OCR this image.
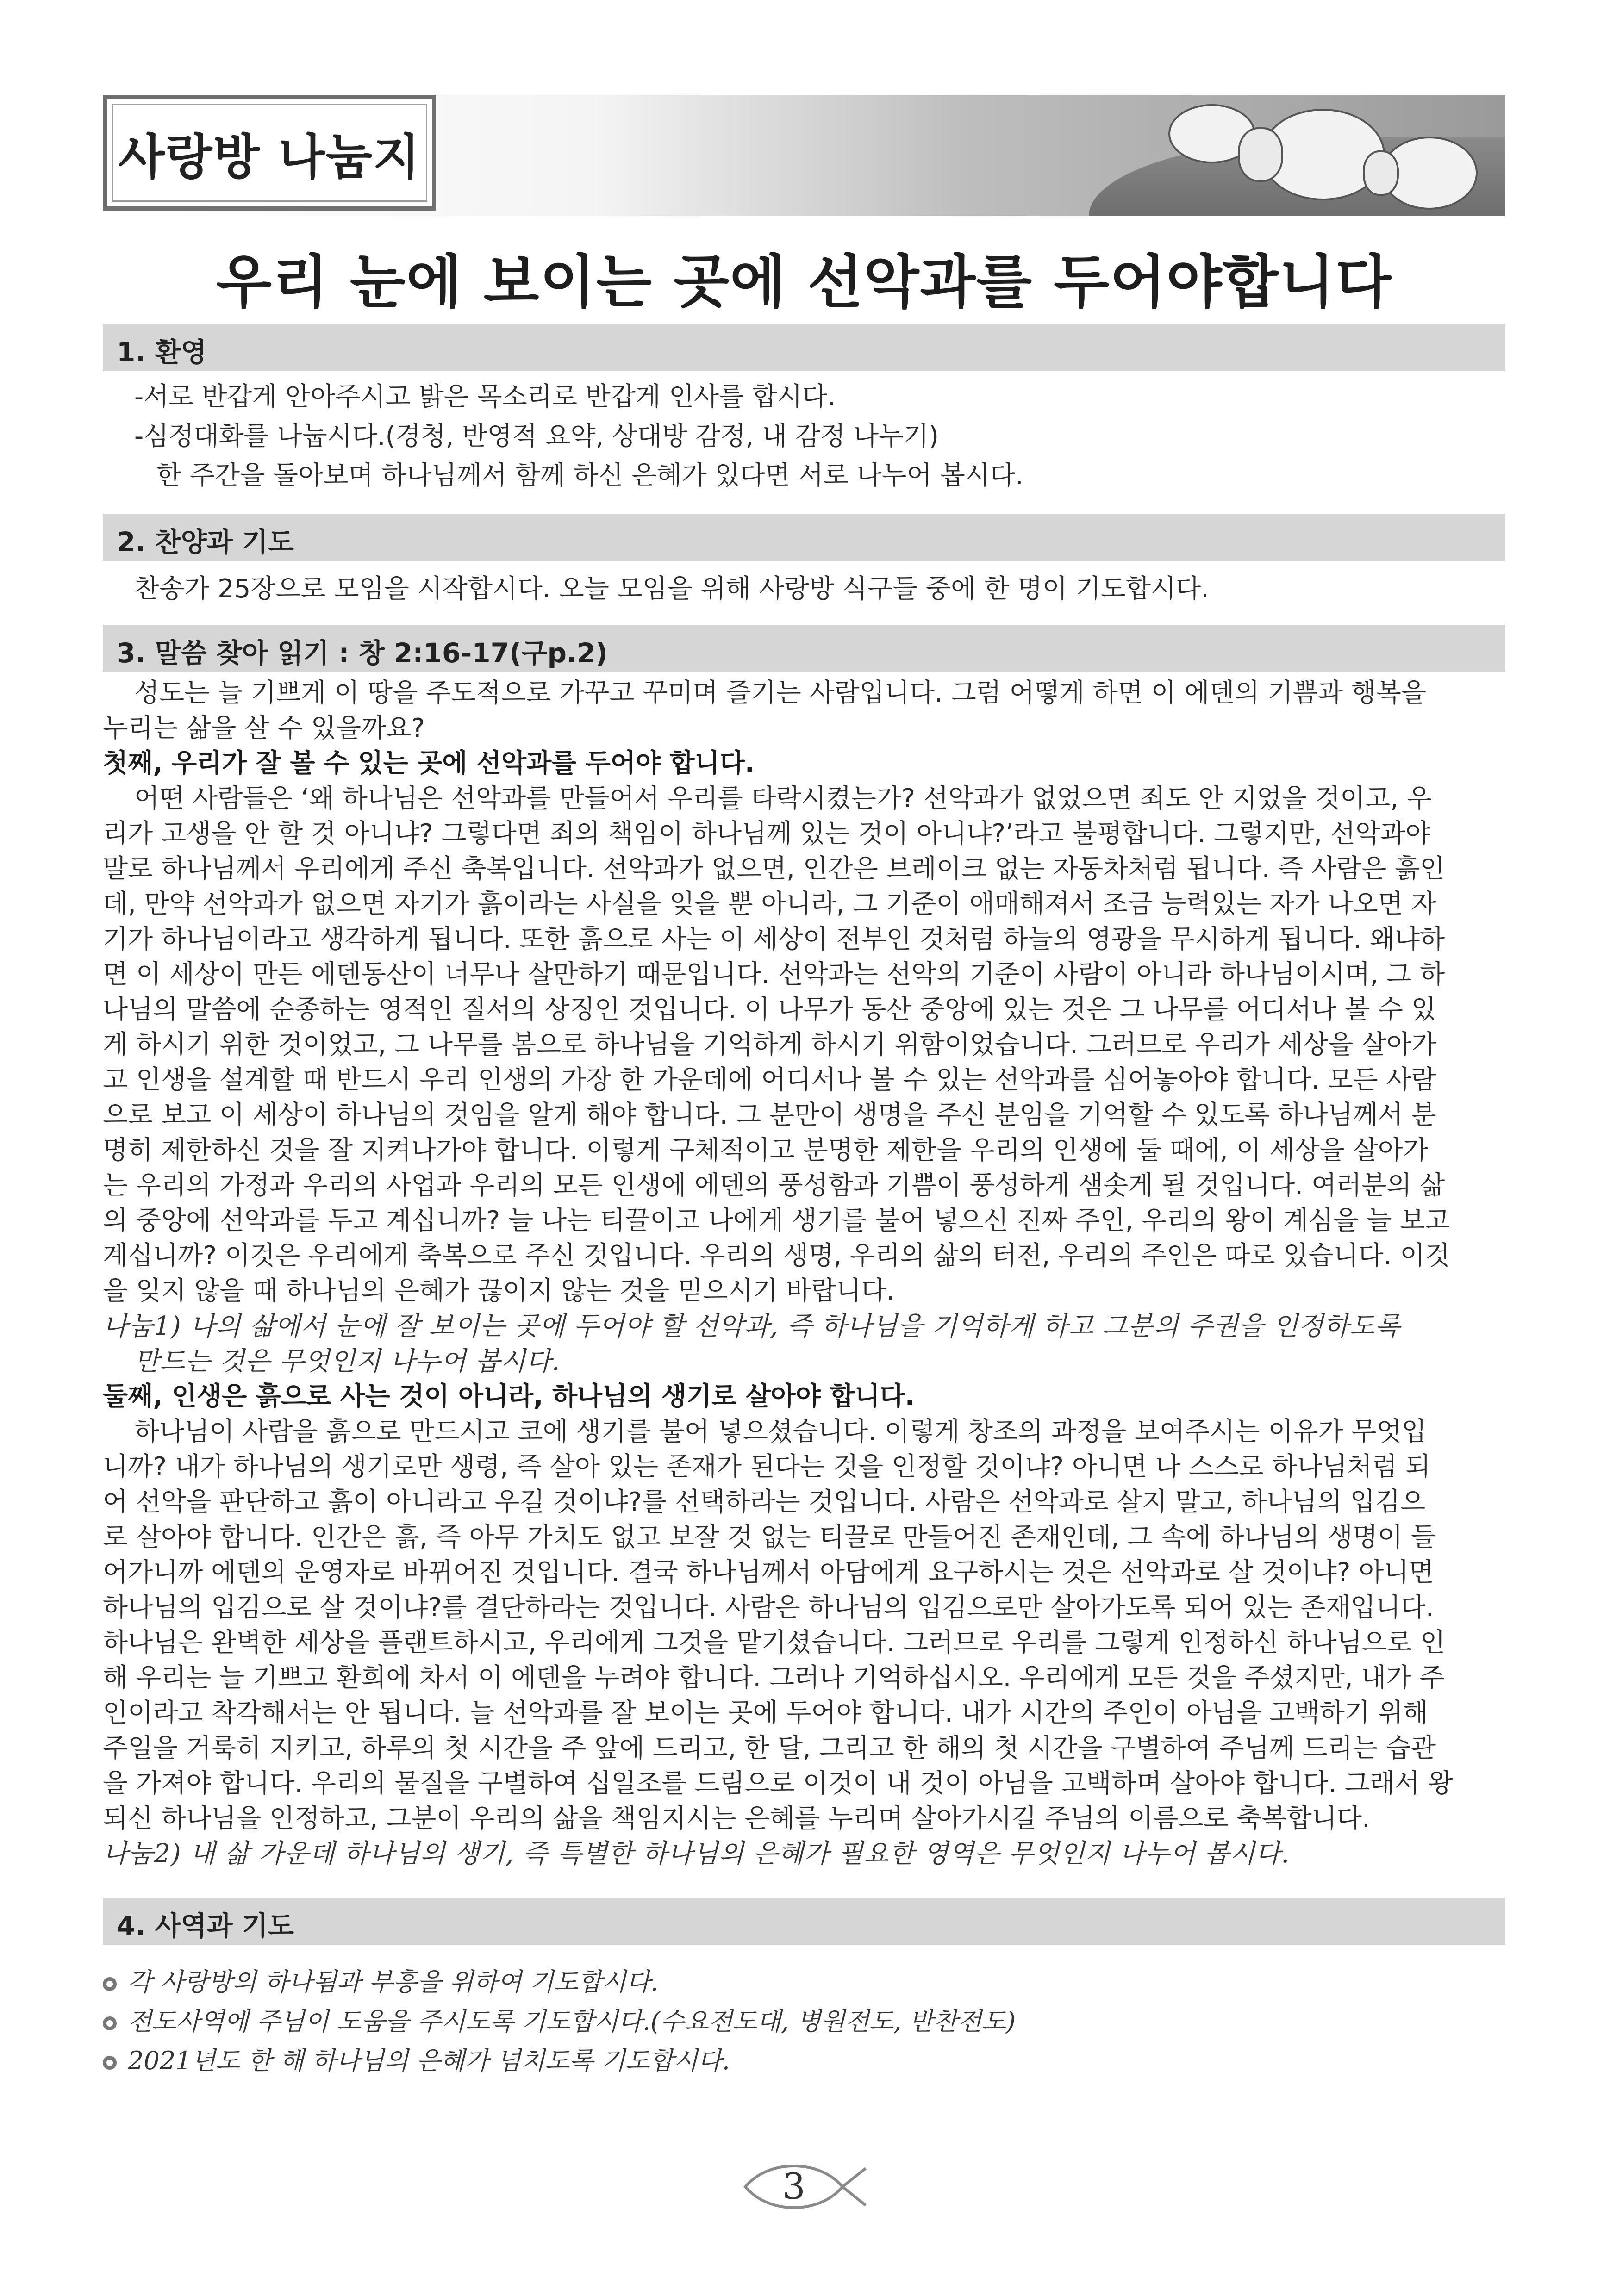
사랑방 나눔지
우리 눈에 보이는 곳에 선악과를 두어야합니다
1. 환영
-서로 반갑게 안아주시고 밝은 목소리로 반갑게 인사를 합시다.
-심정대화를 나눕시다.(경청, 반영적 요약, 상대방 감정, 내 감정 나누기)
한 주간을 돌아보며 하나님께서 함께 하신 은혜가 있다면 서로 나누어 봅시다.
2. 찬양과 기도
찬송가 25장으로 모임을 시작합시다. 오늘 모임을 위해 사랑방 식구들 중에 한 명이 기도합시다.
3. 말씀 찾아 읽기 : 창 2:16-17(구p.2)
성도는 늘 기쁘게 이 땅을 주도적으로 가꾸고 꾸미며 즐기는 사람입니다. 그럼 어떻게 하면 이 에덴의 기쁨과 행복을
누리는 삶을 살 수 있을까요?
첫째, 우리가 잘 볼 수 있는 곳에 선악과를 두어야 합니다.
어떤 사람들은 ‘왜 하나님은 선악과를 만들어서 우리를 타락시켰는가? 선악과가 없었으면 죄도 안 지었을 것이고, 우
리가 고생을 안 할 것 아니냐? 그렇다면 죄의 책임이 하나님께 있는 것이 아니냐?’라고 불평합니다. 그렇지만, 선악과야
말로 하나님께서 우리에게 주신 축복입니다. 선악과가 없으면, 인간은 브레이크 없는 자동차처럼 됩니다. 즉 사람은 흙인
데, 만약 선악과가 없으면 자기가 흙이라는 사실을 잊을 뿐 아니라, 그 기준이 애매해져서 조금 능력있는 자가 나오면 자
기가 하나님이라고 생각하게 됩니다. 또한 흙으로 사는 이 세상이 전부인 것처럼 하늘의 영광을 무시하게 됩니다. 왜냐하
면 이 세상이 만든 에덴동산이 너무나 살만하기 때문입니다. 선악과는 선악의 기준이 사람이 아니라 하나님이시며, 그 하
나님의 말씀에 순종하는 영적인 질서의 상징인 것입니다. 이 나무가 동산 중앙에 있는 것은 그 나무를 어디서나 볼 수 있
게 하시기 위한 것이었고, 그 나무를 봄으로 하나님을 기억하게 하시기 위함이었습니다. 그러므로 우리가 세상을 살아가
고 인생을 설계할 때 반드시 우리 인생의 가장 한 가운데에 어디서나 볼 수 있는 선악과를 심어놓아야 합니다. 모든 사람
으로 보고 이 세상이 하나님의 것임을 알게 해야 합니다. 그 분만이 생명을 주신 분임을 기억할 수 있도록 하나님께서 분
명히 제한하신 것을 잘 지켜나가야 합니다. 이렇게 구체적이고 분명한 제한을 우리의 인생에 둘 때에, 이 세상을 살아가
는 우리의 가정과 우리의 사업과 우리의 모든 인생에 에덴의 풍성함과 기쁨이 풍성하게 샘솟게 될 것입니다. 여러분의 삶
의 중앙에 선악과를 두고 계십니까? 늘 나는 티끌이고 나에게 생기를 불어 넣으신 진짜 주인, 우리의 왕이 계심을 늘 보고
계십니까? 이것은 우리에게 축복으로 주신 것입니다. 우리의 생명, 우리의 삶의 터전, 우리의 주인은 따로 있습니다. 이것
을 잊지 않을 때 하나님의 은혜가 끊이지 않는 것을 믿으시기 바랍니다.
나눔1) 나의 삶에서 눈에 잘 보이는 곳에 두어야 할 선악과, 즉 하나님을 기억하게 하고 그분의 주권을 인정하도록
만드는 것은 무엇인지 나누어 봅시다.
둘째, 인생은 흙으로 사는 것이 아니라, 하나님의 생기로 살아야 합니다.
하나님이 사람을 흙으로 만드시고 코에 생기를 불어 넣으셨습니다. 이렇게 창조의 과정을 보여주시는 이유가 무엇입
니까? 내가 하나님의 생기로만 생령, 즉 살아 있는 존재가 된다는 것을 인정할 것이냐? 아니면 나 스스로 하나님처럼 되
어 선악을 판단하고 흙이 아니라고 우길 것이냐?를 선택하라는 것입니다. 사람은 선악과로 살지 말고, 하나님의 입김으
로 살아야 합니다. 인간은 흙, 즉 아무 가치도 없고 보잘 것 없는 티끌로 만들어진 존재인데, 그 속에 하나님의 생명이 들
어가니까 에덴의 운영자로 바뀌어진 것입니다. 결국 하나님께서 아담에게 요구하시는 것은 선악과로 살 것이냐? 아니면
하나님의 입김으로 살 것이냐?를 결단하라는 것입니다. 사람은 하나님의 입김으로만 살아가도록 되어 있는 존재입니다.
하나님은 완벽한 세상을 플랜트하시고, 우리에게 그것을 맡기셨습니다. 그러므로 우리를 그렇게 인정하신 하나님으로 인
해 우리는 늘 기쁘고 환희에 차서 이 에덴을 누려야 합니다. 그러나 기억하십시오. 우리에게 모든 것을 주셨지만, 내가 주
인이라고 착각해서는 안 됩니다. 늘 선악과를 잘 보이는 곳에 두어야 합니다. 내가 시간의 주인이 아님을 고백하기 위해
주일을 거룩히 지키고, 하루의 첫 시간을 주 앞에 드리고, 한 달, 그리고 한 해의 첫 시간을 구별하여 주님께 드리는 습관
을 가져야 합니다. 우리의 물질을 구별하여 십일조를 드림으로 이것이 내 것이 아님을 고백하며 살아야 합니다. 그래서 왕
되신 하나님을 인정하고, 그분이 우리의 삶을 책임지시는 은혜를 누리며 살아가시길 주님의 이름으로 축복합니다.
나눔2) 내 삶 가운데 하나님의 생기, 즉 특별한 하나님의 은혜가 필요한 영역은 무엇인지 나누어 봅시다.
4. 사역과 기도
각 사랑방의 하나됨과 부흥을 위하여 기도합시다.
전도사역에 주님이 도움을 주시도록 기도합시다.(수요전도대, 병원전도, 반찬전도)
2021년도 한 해 하나님의 은혜가 넘치도록 기도합시다.
3
